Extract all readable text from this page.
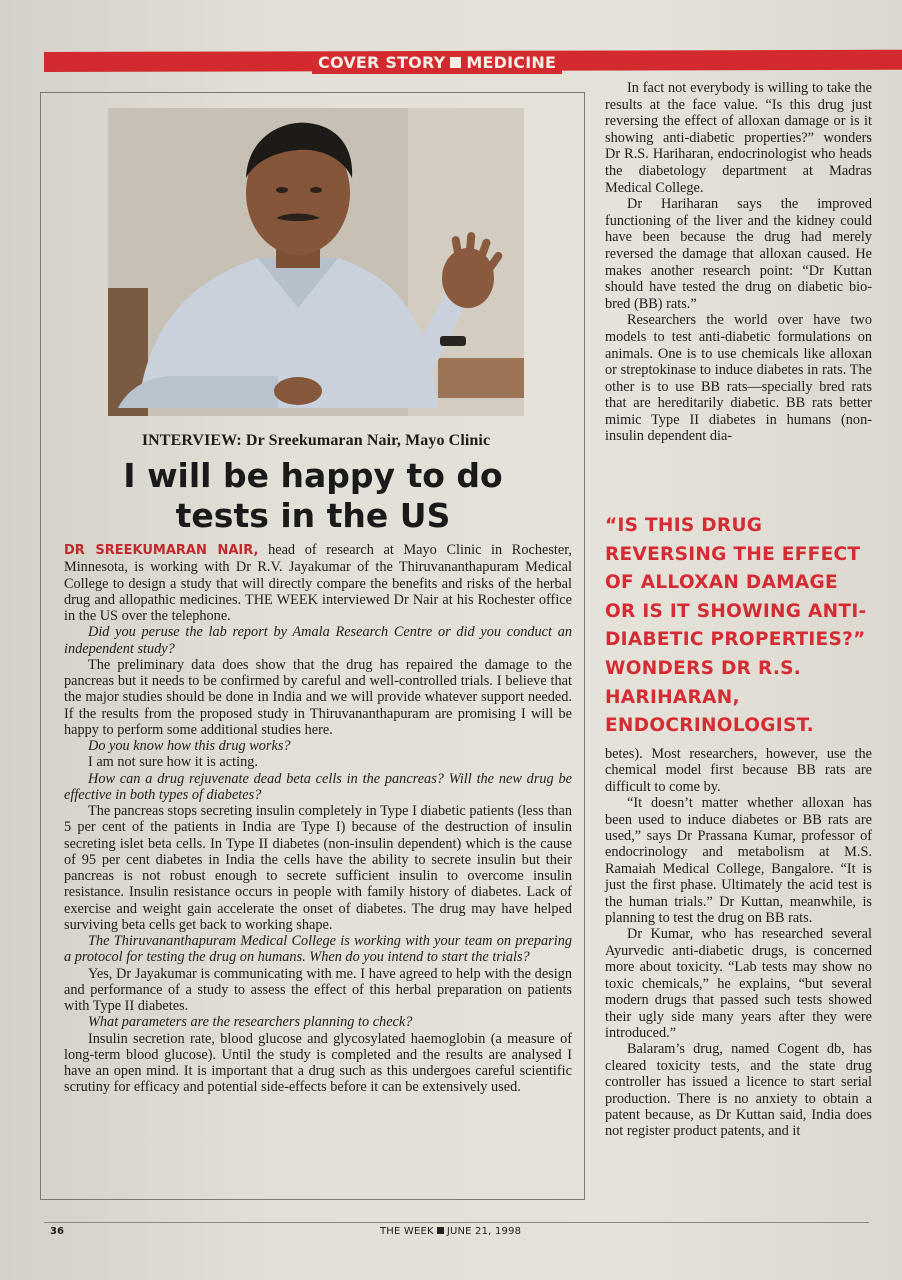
COVER STORY MEDICINE
INTERVIEW: Dr Sreekumaran Nair, Mayo Clinic
I will be happy to do
tests in the US

DR SREEKUMARAN NAIR, head of research at Mayo Clinic in Rochester, Minnesota, is working with Dr R.V. Jayakumar of the Thiruvananthapuram Medical College to design a study that will directly compare the benefits and risks of the herbal drug and allopathic medicines. THE WEEK interviewed Dr Nair at his Rochester office in the US over the telephone.

Did you peruse the lab report by Amala Research Centre or did you conduct an independent study?

The preliminary data does show that the drug has repaired the damage to the pancreas but it needs to be confirmed by careful and well-controlled trials. I believe that the major studies should be done in India and we will provide whatever support needed. If the results from the proposed study in Thiruvananthapuram are promising I will be happy to perform some additional studies here.

Do you know how this drug works?

I am not sure how it is acting.

How can a drug rejuvenate dead beta cells in the pancreas? Will the new drug be effective in both types of diabetes?

The pancreas stops secreting insulin completely in Type I diabetic patients (less than 5 per cent of the patients in India are Type I) because of the destruction of insulin secreting islet beta cells. In Type II diabetes (non-insulin dependent) which is the cause of 95 per cent diabetes in India the cells have the ability to secrete insulin but their pancreas is not robust enough to secrete sufficient insulin to overcome insulin resistance. Insulin resistance occurs in people with family history of diabetes. Lack of exercise and weight gain accelerate the onset of diabetes. The drug may have helped surviving beta cells get back to working shape.

The Thiruvananthapuram Medical College is working with your team on preparing a protocol for testing the drug on humans. When do you intend to start the trials?

Yes, Dr Jayakumar is communicating with me. I have agreed to help with the design and performance of a study to assess the effect of this herbal preparation on patients with Type II diabetes.

What parameters are the researchers planning to check?

Insulin secretion rate, blood glucose and glycosylated haemoglobin (a measure of long-term blood glucose). Until the study is completed and the results are analysed I have an open mind. It is important that a drug such as this undergoes careful scientific scrutiny for efficacy and potential side-effects before it can be extensively used.

In fact not everybody is willing to take the results at the face value. “Is this drug just reversing the effect of alloxan damage or is it showing anti-diabetic properties?” wonders Dr R.S. Hariharan, endocrinologist who heads the diabetology department at Madras Medical College.

Dr Hariharan says the improved functioning of the liver and the kidney could have been because the drug had merely reversed the damage that alloxan caused. He makes another research point: “Dr Kuttan should have tested the drug on diabetic bio-bred (BB) rats.”

Researchers the world over have two models to test anti-diabetic formulations on animals. One is to use chemicals like alloxan or streptokinase to induce diabetes in rats. The other is to use BB rats—specially bred rats that are hereditarily diabetic. BB rats better mimic Type II diabetes in humans (non-insulin dependent dia-

“IS THIS DRUG REVERSING THE EFFECT OF ALLOXAN DAMAGE OR IS IT SHOWING ANTI-DIABETIC PROPERTIES?” WONDERS DR R.S. HARIHARAN, ENDOCRINOLOGIST.

betes). Most researchers, however, use the chemical model first because BB rats are difficult to come by.

“It doesn’t matter whether alloxan has been used to induce diabetes or BB rats are used,” says Dr Prassana Kumar, professor of endocrinology and metabolism at M.S. Ramaiah Medical College, Bangalore. “It is just the first phase. Ultimately the acid test is the human trials.” Dr Kuttan, meanwhile, is planning to test the drug on BB rats.

Dr Kumar, who has researched several Ayurvedic anti-diabetic drugs, is concerned more about toxicity. “Lab tests may show no toxic chemicals,” he explains, “but several modern drugs that passed such tests showed their ugly side many years after they were introduced.”

Balaram’s drug, named Cogent db, has cleared toxicity tests, and the state drug controller has issued a licence to start serial production. There is no anxiety to obtain a patent because, as Dr Kuttan said, India does not register product patents, and it

36	THE WEEK JUNE 21, 1998
